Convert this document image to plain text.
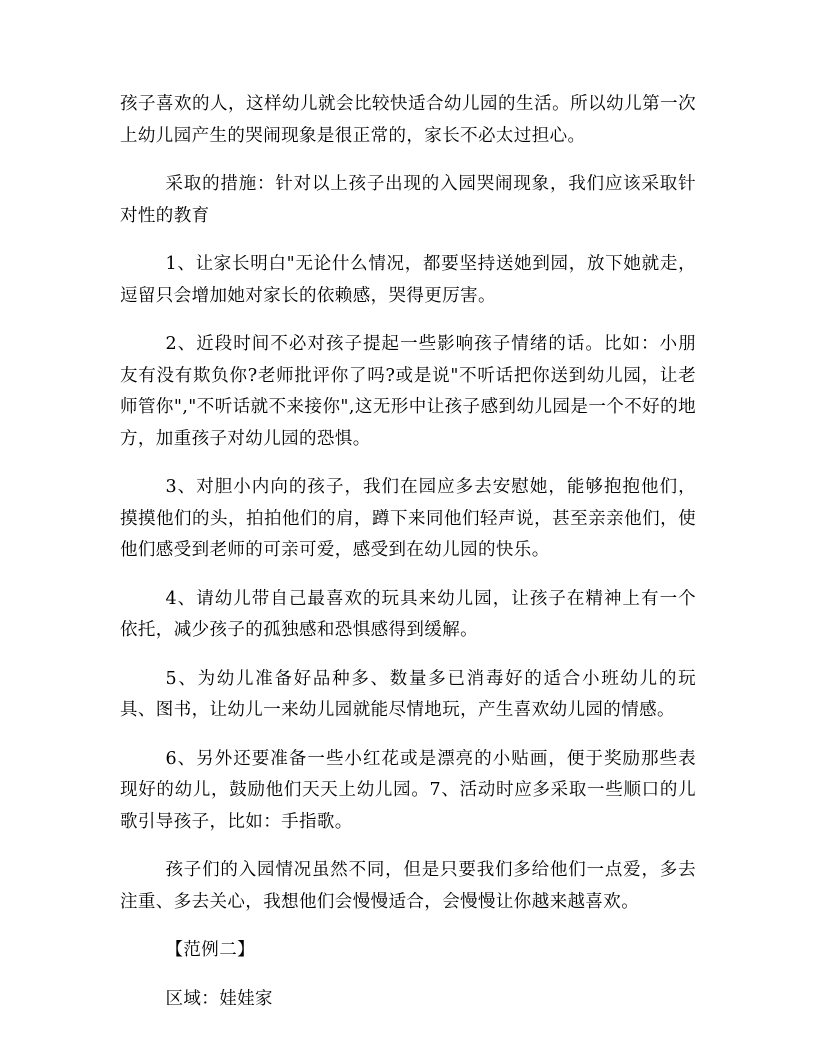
孩子喜欢的人，这样幼儿就会比较快适合幼儿园的生活。所以幼儿第一次上幼儿园产生的哭闹现象是很正常的，家长不必太过担心。

采取的措施：针对以上孩子出现的入园哭闹现象，我们应该采取针对性的教育

1、让家长明白"无论什么情况，都要坚持送她到园，放下她就走，逗留只会增加她对家长的依赖感，哭得更厉害。

2、近段时间不必对孩子提起一些影响孩子情绪的话。比如：小朋友有没有欺负你?老师批评你了吗?或是说"不听话把你送到幼儿园，让老师管你","不听话就不来接你",这无形中让孩子感到幼儿园是一个不好的地方，加重孩子对幼儿园的恐惧。

3、对胆小内向的孩子，我们在园应多去安慰她，能够抱抱他们，摸摸他们的头，拍拍他们的肩，蹲下来同他们轻声说，甚至亲亲他们，使他们感受到老师的可亲可爱，感受到在幼儿园的快乐。

4、请幼儿带自己最喜欢的玩具来幼儿园，让孩子在精神上有一个依托，减少孩子的孤独感和恐惧感得到缓解。

5、为幼儿准备好品种多、数量多已消毒好的适合小班幼儿的玩具、图书，让幼儿一来幼儿园就能尽情地玩，产生喜欢幼儿园的情感。

6、另外还要准备一些小红花或是漂亮的小贴画，便于奖励那些表现好的幼儿，鼓励他们天天上幼儿园。7、活动时应多采取一些顺口的儿歌引导孩子，比如：手指歌。

孩子们的入园情况虽然不同，但是只要我们多给他们一点爱，多去注重、多去关心，我想他们会慢慢适合，会慢慢让你越来越喜欢。

【范例二】

区域：娃娃家
